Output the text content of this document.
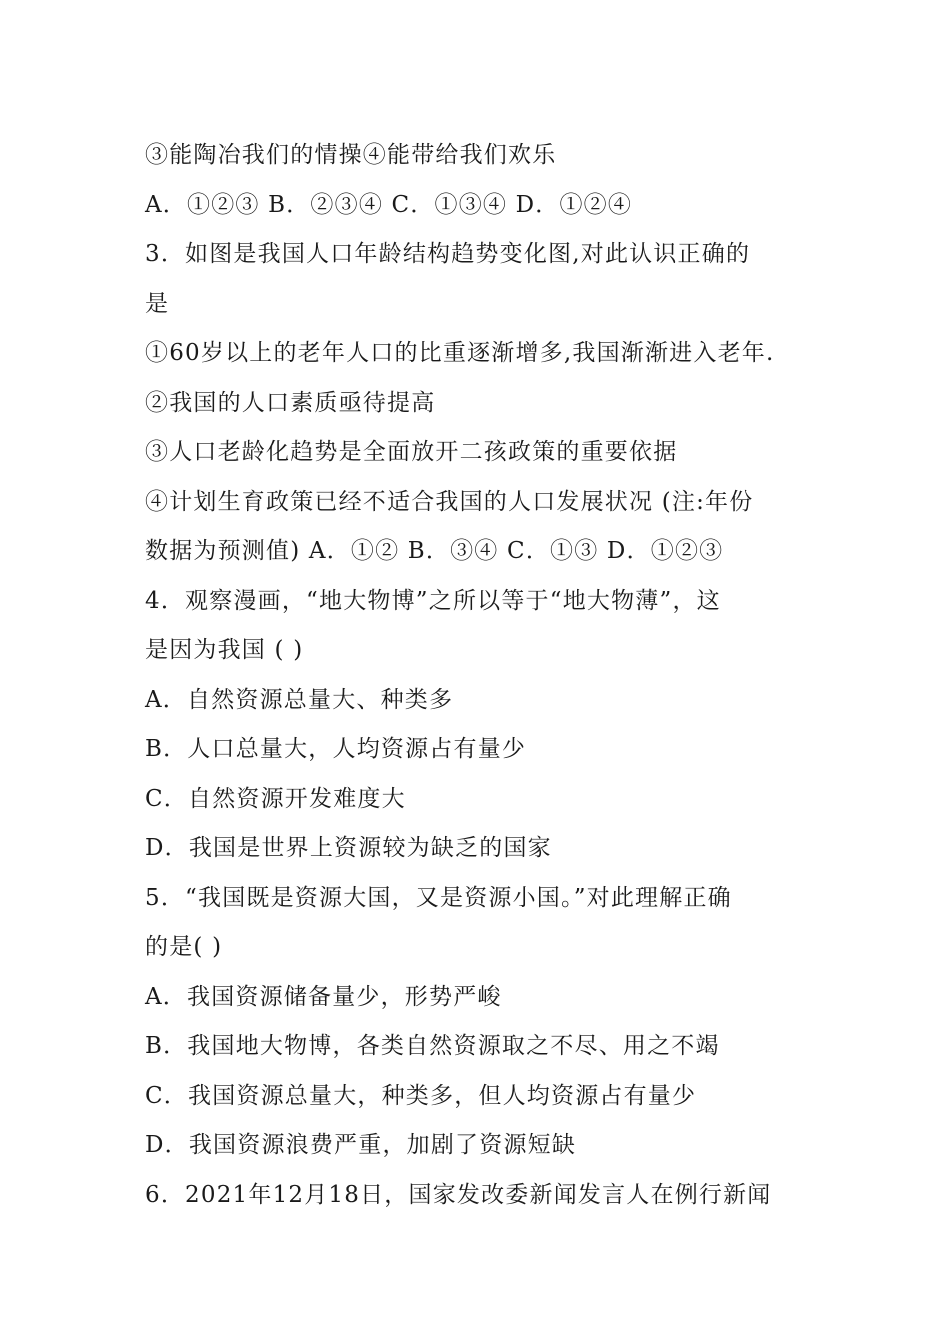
③能陶冶我们的情操④能带给我们欢乐
A．①②③ B．②③④ C．①③④ D．①②④
3．如图是我国人口年龄结构趋势变化图,对此认识正确的
是
①60岁以上的老年人口的比重逐渐增多,我国渐渐进入老年.
②我国的人口素质亟待提高
③人口老龄化趋势是全面放开二孩政策的重要依据
④计划生育政策已经不适合我国的人口发展状况 (注:年份
数据为预测值) A．①② B．③④ C．①③ D．①②③
4．观察漫画，“地大物博”之所以等于“地大物薄”，这
是因为我国 ( )
A．自然资源总量大、种类多
B．人口总量大，人均资源占有量少
C．自然资源开发难度大
D．我国是世界上资源较为缺乏的国家
5．“我国既是资源大国，又是资源小国。”对此理解正确
的是( )
A．我国资源储备量少，形势严峻
B．我国地大物博，各类自然资源取之不尽、用之不竭
C．我国资源总量大，种类多，但人均资源占有量少
D．我国资源浪费严重，加剧了资源短缺
6．2021年12月18日，国家发改委新闻发言人在例行新闻
